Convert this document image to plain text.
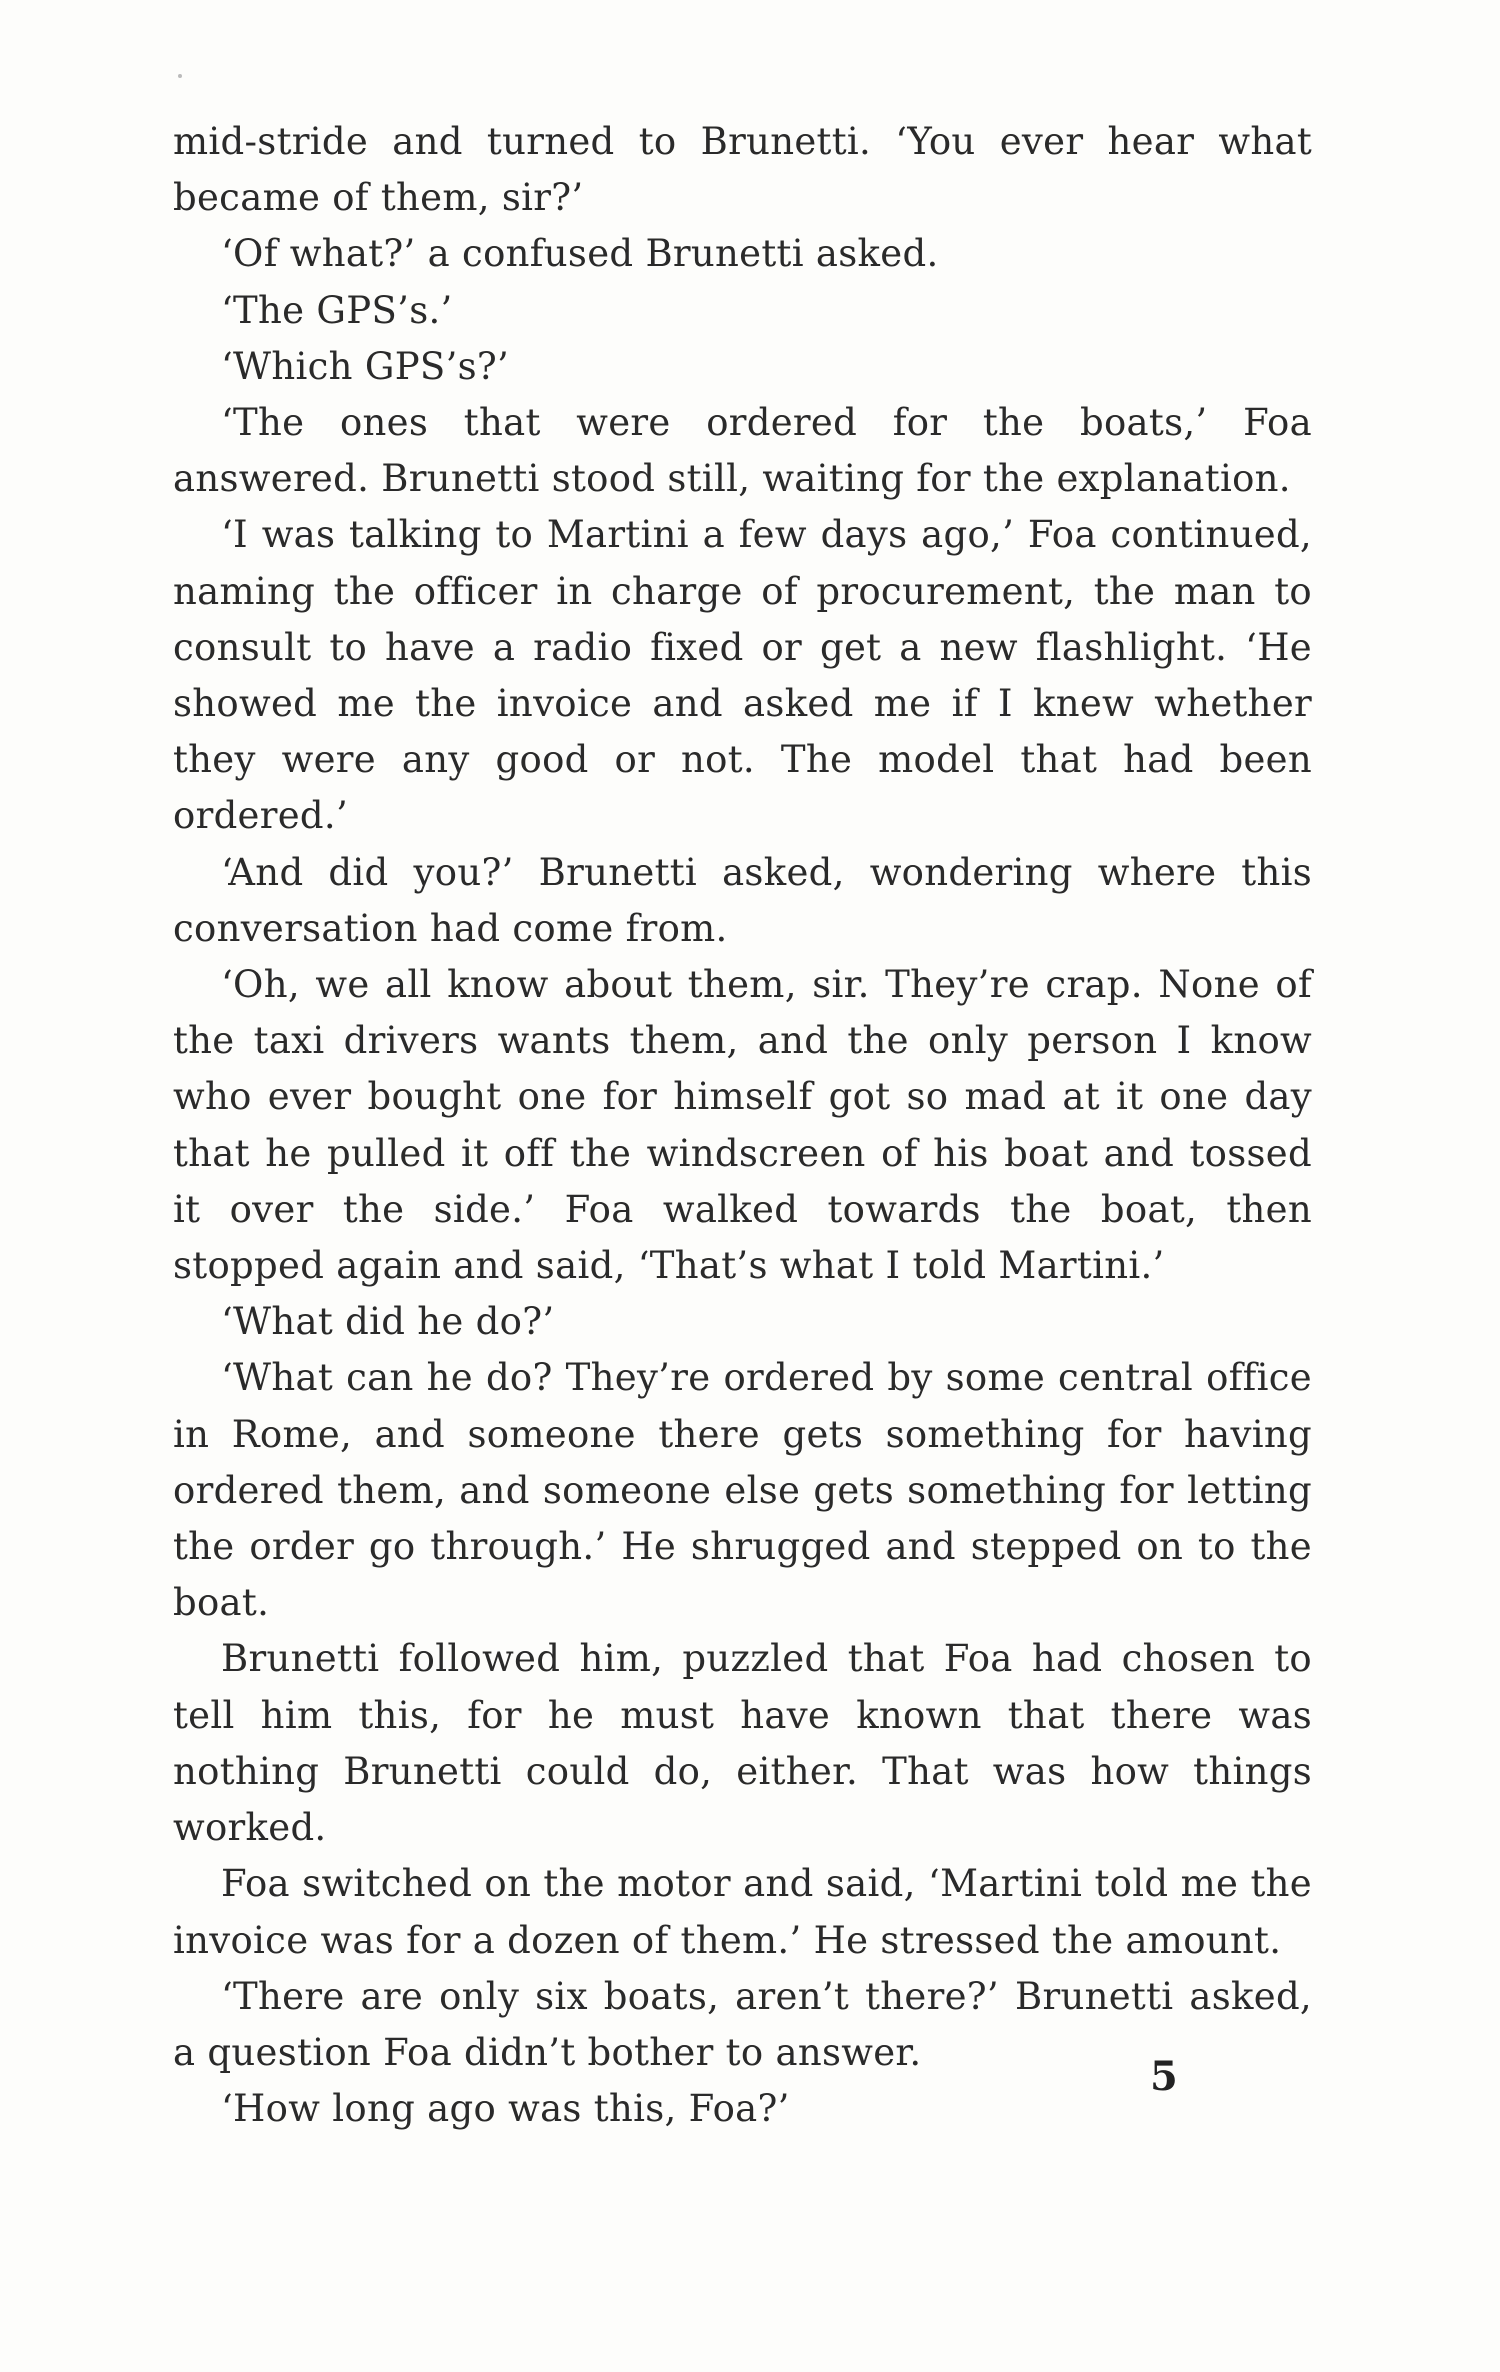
mid-stride and turned to Brunetti. ‘You ever hear what became of them, sir?’

‘Of what?’ a confused Brunetti asked.

‘The GPS’s.’

‘Which GPS’s?’

‘The ones that were ordered for the boats,’ Foa answered. Brunetti stood still, waiting for the explanation.

‘I was talking to Martini a few days ago,’ Foa continued, naming the officer in charge of procurement, the man to consult to have a radio fixed or get a new flashlight. ‘He showed me the invoice and asked me if I knew whether they were any good or not. The model that had been ordered.’

‘And did you?’ Brunetti asked, wondering where this conversation had come from.

‘Oh, we all know about them, sir. They’re crap. None of the taxi drivers wants them, and the only person I know who ever bought one for himself got so mad at it one day that he pulled it off the windscreen of his boat and tossed it over the side.’ Foa walked towards the boat, then stopped again and said, ‘That’s what I told Martini.’

‘What did he do?’

‘What can he do? They’re ordered by some central office in Rome, and someone there gets something for having ordered them, and someone else gets something for letting the order go through.’ He shrugged and stepped on to the boat.

Brunetti followed him, puzzled that Foa had chosen to tell him this, for he must have known that there was nothing Brunetti could do, either. That was how things worked.

Foa switched on the motor and said, ‘Martini told me the invoice was for a dozen of them.’ He stressed the amount.

‘There are only six boats, aren’t there?’ Brunetti asked, a question Foa didn’t bother to answer.

‘How long ago was this, Foa?’

5
